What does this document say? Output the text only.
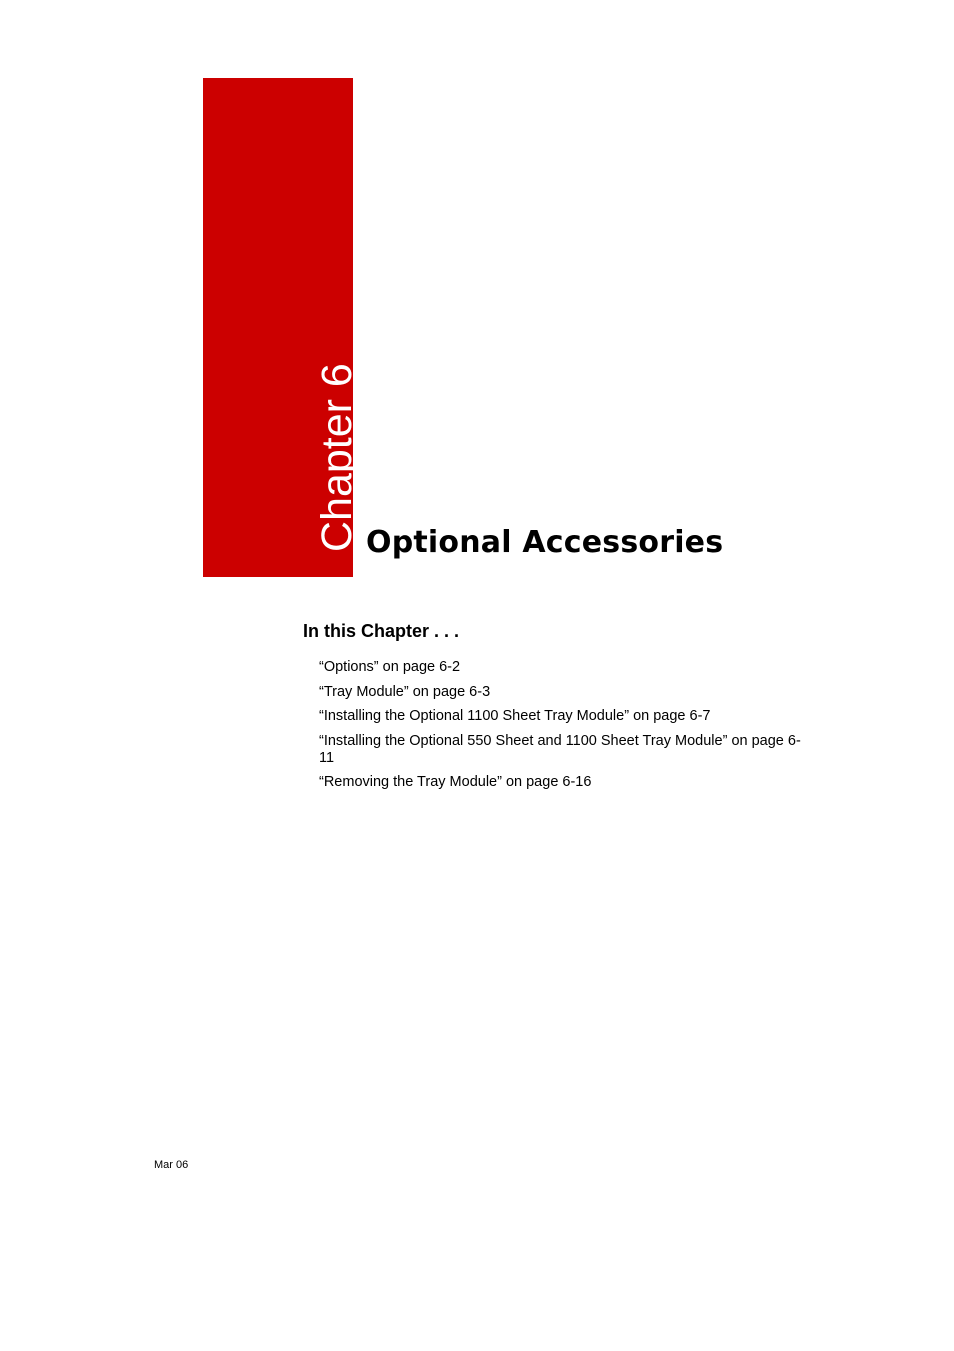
Chapter 6 Optional Accessories
In this Chapter . . .
“Options” on page 6-2
“Tray Module” on page 6-3
“Installing the Optional 1100 Sheet Tray Module” on page 6-7
“Installing the Optional 550 Sheet and 1100 Sheet Tray Module” on page 6-11
“Removing the Tray Module” on page 6-16
Mar 06
